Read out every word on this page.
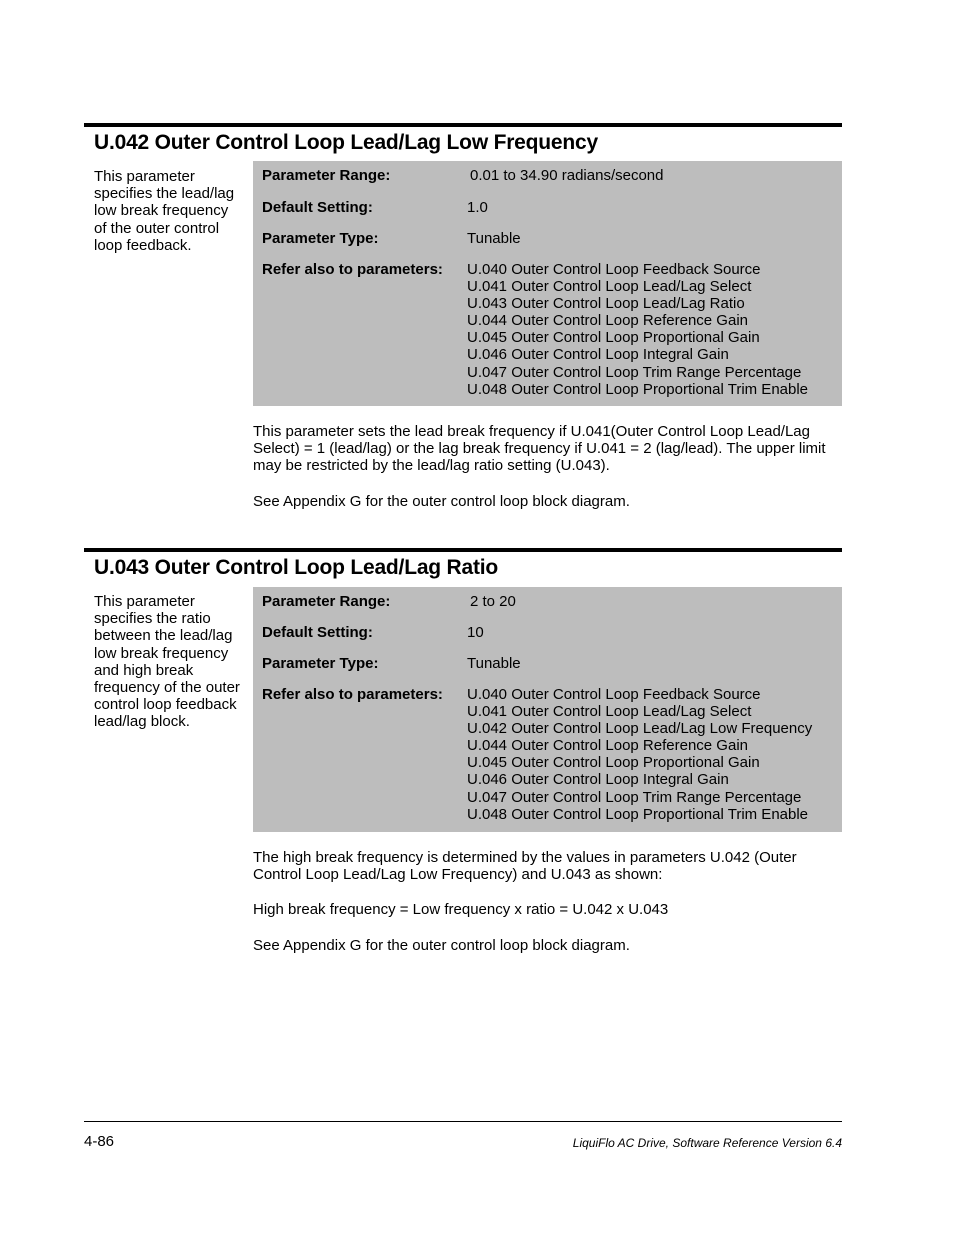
U.042 Outer Control Loop Lead/Lag Low Frequency
This parameter specifies the lead/lag low break frequency of the outer control loop feedback.
Parameter Range:	0.01 to 34.90 radians/second
Default Setting:	1.0
Parameter Type:	Tunable
Refer also to parameters:	U.040 Outer Control Loop Feedback Source
U.041 Outer Control Loop Lead/Lag Select
U.043 Outer Control Loop Lead/Lag Ratio
U.044 Outer Control Loop Reference Gain
U.045 Outer Control Loop Proportional Gain
U.046 Outer Control Loop Integral Gain
U.047 Outer Control Loop Trim Range Percentage
U.048 Outer Control Loop Proportional Trim Enable

This parameter sets the lead break frequency if U.041(Outer Control Loop Lead/Lag Select) = 1 (lead/lag) or the lag break frequency if U.041 = 2 (lag/lead). The upper limit may be restricted by the lead/lag ratio setting (U.043).

See Appendix G for the outer control loop block diagram.

U.043 Outer Control Loop Lead/Lag Ratio
This parameter specifies the ratio between the lead/lag low break frequency and high break frequency of the outer control loop feedback lead/lag block.
Parameter Range:	2 to 20
Default Setting:	10
Parameter Type:	Tunable
Refer also to parameters:	U.040 Outer Control Loop Feedback Source
U.041 Outer Control Loop Lead/Lag Select
U.042 Outer Control Loop Lead/Lag Low Frequency
U.044 Outer Control Loop Reference Gain
U.045 Outer Control Loop Proportional Gain
U.046 Outer Control Loop Integral Gain
U.047 Outer Control Loop Trim Range Percentage
U.048 Outer Control Loop Proportional Trim Enable

The high break frequency is determined by the values in parameters U.042 (Outer Control Loop Lead/Lag Low Frequency) and U.043 as shown:

High break frequency = Low frequency x ratio = U.042 x U.043

See Appendix G for the outer control loop block diagram.

4-86	LiquiFlo AC Drive, Software Reference Version 6.4
